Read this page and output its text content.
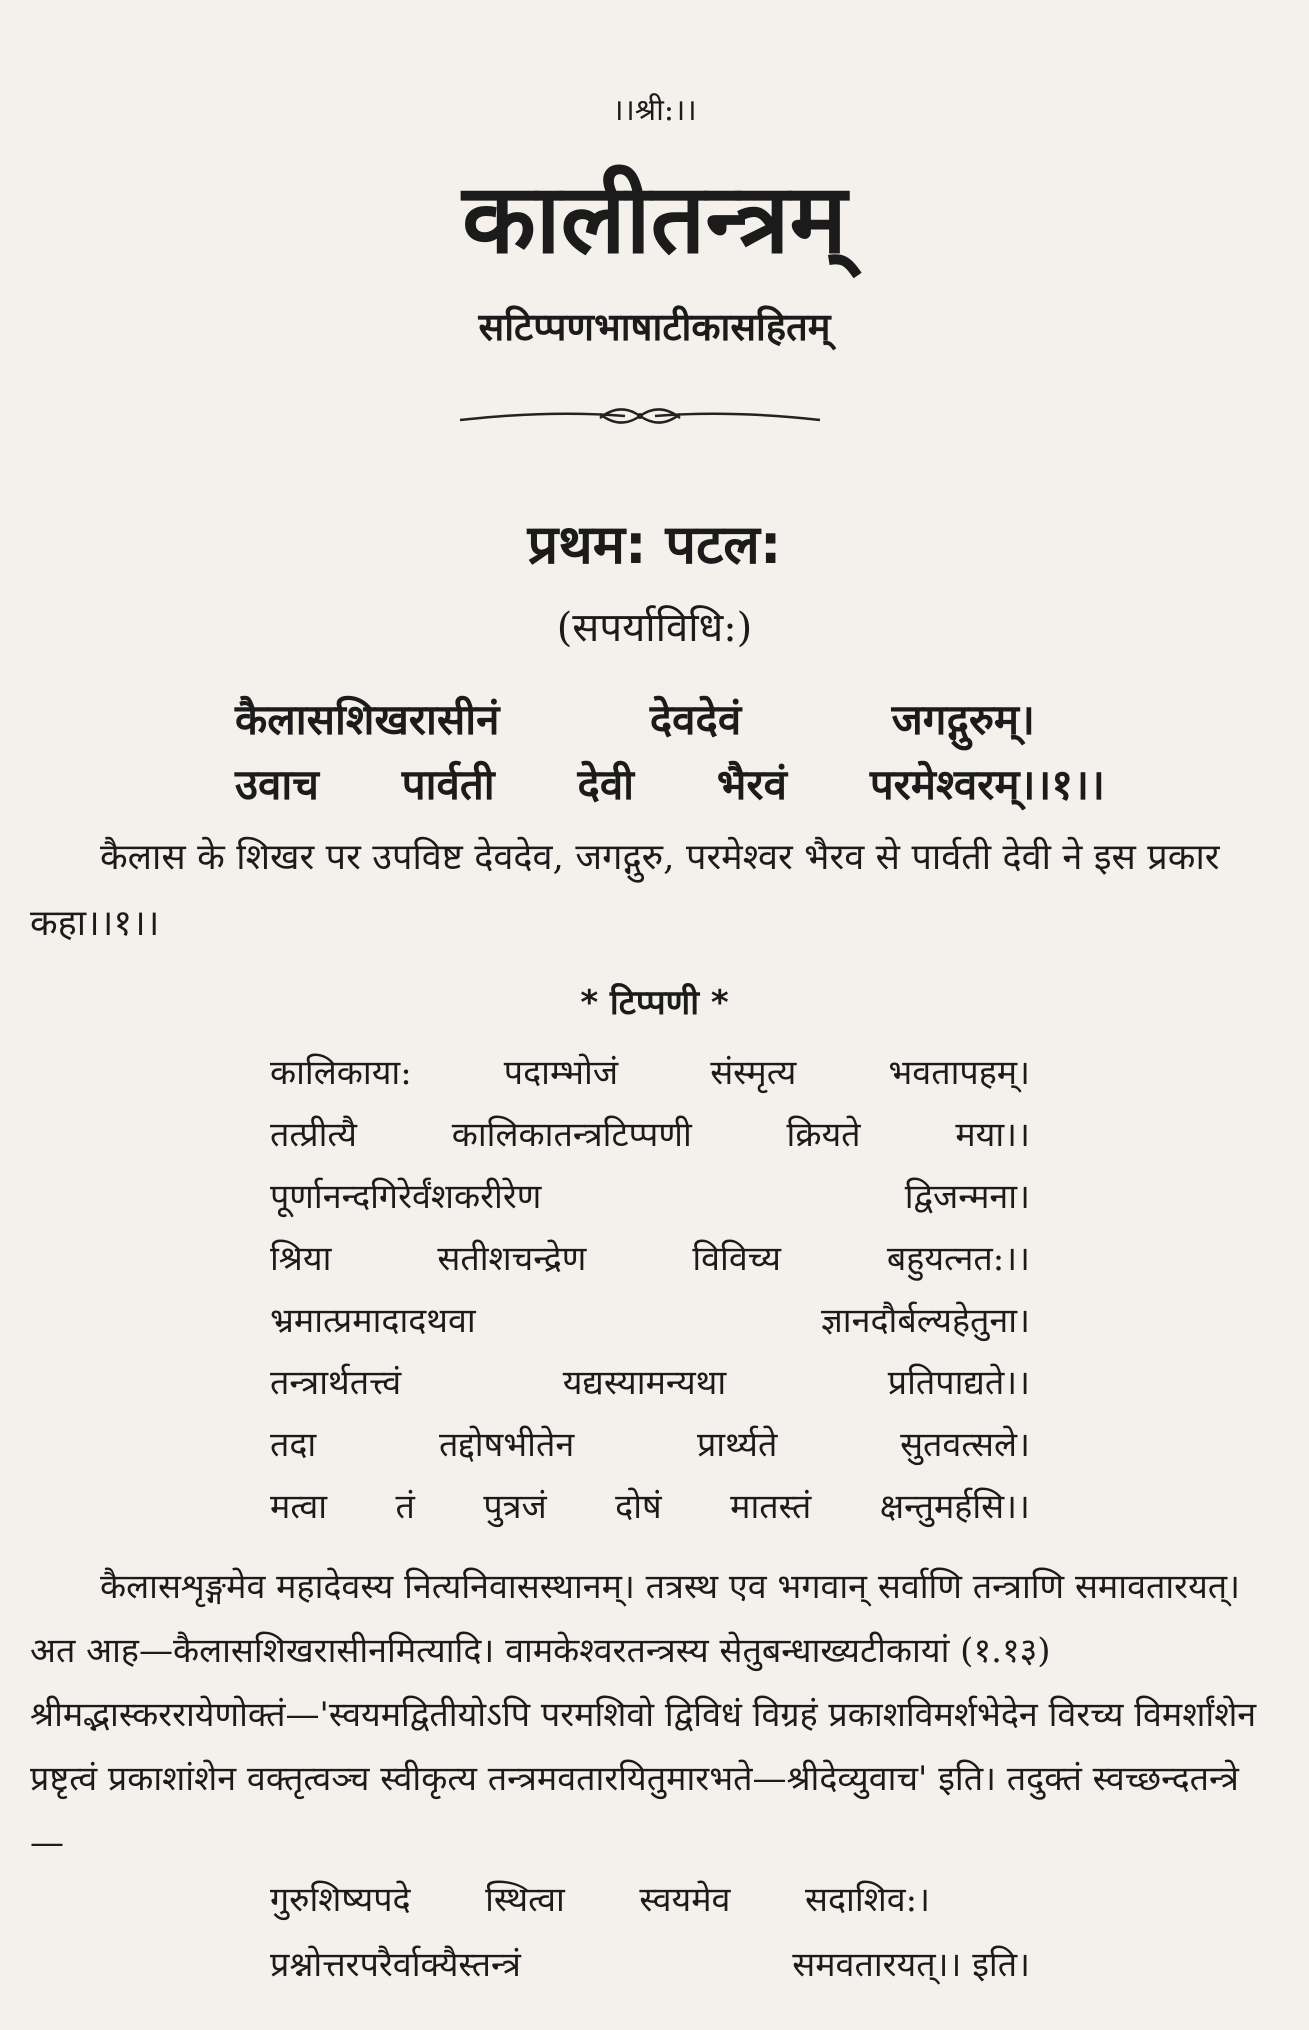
।।श्री:।।
कालीतन्त्रम्
सटिप्पणभाषाटीकासहितम्
प्रथम: पटल:
(सपर्याविधि:)
कैलासशिखरासीनं	देवदेवं	जगद्गुरुम्।
उवाच पार्वती देवी भैरवं परमेश्वरम्।।१।।
कैलास के शिखर पर उपविष्ट देवदेव, जगद्गुरु, परमेश्वर भैरव से पार्वती देवी ने इस प्रकार कहा।।१।।
* टिप्पणी *
कालिकाया:	पदाम्भोजं	संस्मृत्य	भवतापहम्।
तत्प्रीत्यै	कालिकातन्त्रटिप्पणी	क्रियते	मया।।
पूर्णानन्दगिरेर्वंशकरीरेण	द्विजन्मना।
श्रिया	सतीशचन्द्रेण	विविच्य	बहुयत्नत:।।
भ्रमात्प्रमादादथवा	ज्ञानदौर्बल्यहेतुना।
तन्त्रार्थतत्त्वं	यद्यस्यामन्यथा	प्रतिपाद्यते।।
तदा	तद्दोषभीतेन	प्रार्थ्यते	सुतवत्सले।
मत्वा तं पुत्रजं दोषं मातस्तं क्षन्तुमर्हसि।।
कैलासशृङ्गमेव महादेवस्य नित्यनिवासस्थानम्। तत्रस्थ एव भगवान् सर्वाणि तन्त्राणि समावतारयत्। अत आह—कैलासशिखरासीनमित्यादि। वामकेश्वरतन्त्रस्य सेतुबन्धाख्यटीकायां (१.१३) श्रीमद्भास्कररायेणोक्तं—'स्वयमद्वितीयोऽपि परमशिवो द्विविधं विग्रहं प्रकाशविमर्शभेदेन विरच्य विमर्शांशेन प्रष्टृत्वं प्रकाशांशेन वक्तृत्वञ्च स्वीकृत्य तन्त्रमवतारयितुमारभते—श्रीदेव्युवाच' इति। तदुक्तं स्वच्छन्दतन्त्रे—
गुरुशिष्यपदे स्थित्वा स्वयमेव सदाशिव:।
प्रश्नोत्तरपरैर्वाक्यैस्तन्त्रं	समवतारयत्।। इति।
